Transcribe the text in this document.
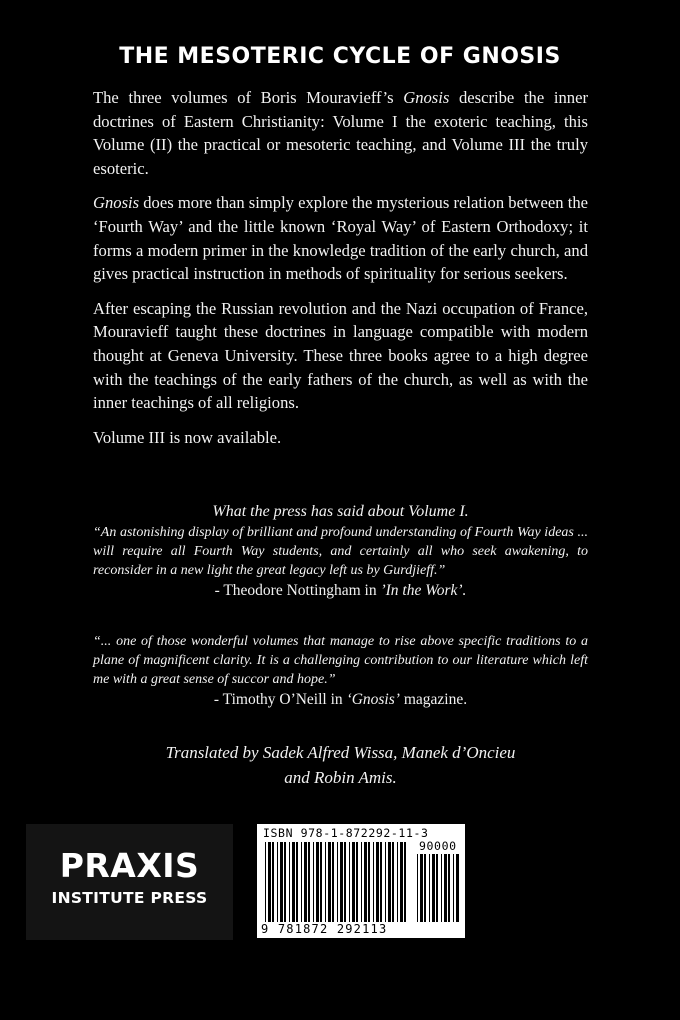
THE MESOTERIC CYCLE OF GNOSIS

The three volumes of Boris Mouravieff’s Gnosis describe the inner doctrines of Eastern Christianity: Volume I the exoteric teaching, this Volume (II) the practical or mesoteric teaching, and Volume III the truly esoteric.

Gnosis does more than simply explore the mysterious relation between the ‘Fourth Way’ and the little known ‘Royal Way’ of Eastern Orthodoxy; it forms a modern primer in the knowledge tradition of the early church, and gives practical instruction in methods of spirituality for serious seekers.

After escaping the Russian revolution and the Nazi occupation of France, Mouravieff taught these doctrines in language compatible with modern thought at Geneva University. These three books agree to a high degree with the teachings of the early fathers of the church, as well as with the inner teachings of all religions.

Volume III is now available.

What the press has said about Volume I.
“An astonishing display of brilliant and profound understanding of Fourth Way ideas ... will require all Fourth Way students, and certainly all who seek awakening, to reconsider in a new light the great legacy left us by Gurdjieff.”
- Theodore Nottingham in ’In the Work’.
“... one of those wonderful volumes that manage to rise above specific traditions to a plane of magnificent clarity. It is a challenging contribution to our literature which left me with a great sense of succor and hope.”
- Timothy O’Neill in ‘Gnosis’ magazine.
Translated by Sadek Alfred Wissa, Manek d’Oncieu
and Robin Amis.
PRAXIS
INSTITUTE PRESS
ISBN 978-1-872292-11-3
90000
9 781872 292113
